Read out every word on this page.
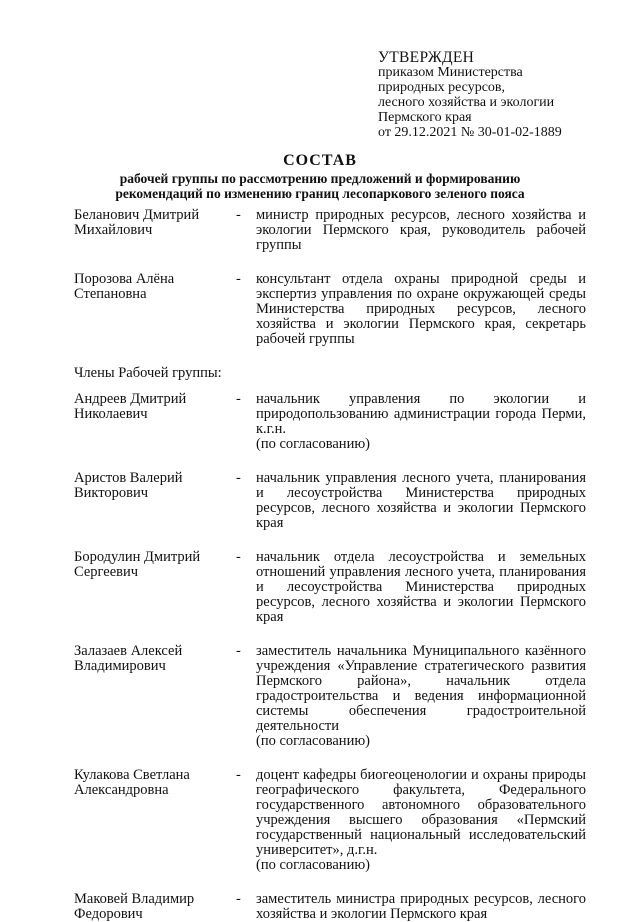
УТВЕРЖДЕН
приказом Министерства
природных ресурсов,
лесного хозяйства и экологии
Пермского края
от 29.12.2021 № 30-01-02-1889
СОСТАВ
рабочей группы по рассмотрению предложений и формированию
рекомендаций по изменению границ лесопаркового зеленого пояса
Беланович Дмитрий
Михайлович
-	министр природных ресурсов, лесного хозяйства и экологии Пермского края, руководитель рабочей группы
Порозова Алёна
Степановна
-	консультант отдела охраны природной среды и экспертиз управления по охране окружающей среды Министерства природных ресурсов, лесного хозяйства и экологии Пермского края, секретарь рабочей группы
Члены Рабочей группы:
Андреев Дмитрий
Николаевич
-	начальник управления по экологии и природопользованию администрации города Перми, к.г.н.
(по согласованию)
Аристов Валерий
Викторович
-	начальник управления лесного учета, планирования и лесоустройства Министерства природных ресурсов, лесного хозяйства и экологии Пермского края
Бородулин Дмитрий
Сергеевич
-	начальник отдела лесоустройства и земельных отношений управления лесного учета, планирования и лесоустройства Министерства природных ресурсов, лесного хозяйства и экологии Пермского края
Залазаев Алексей
Владимирович
-	заместитель начальника Муниципального казённого учреждения «Управление стратегического развития Пермского района», начальник отдела градостроительства и ведения информационной системы обеспечения градостроительной деятельности
(по согласованию)
Кулакова Светлана
Александровна
-	доцент кафедры биогеоценологии и охраны природы географического факультета, Федерального государственного автономного образовательного учреждения высшего образования «Пермский государственный национальный исследовательский университет», д.г.н.
(по согласованию)
Маковей Владимир
Федорович
-	заместитель министра природных ресурсов, лесного хозяйства и экологии Пермского края
